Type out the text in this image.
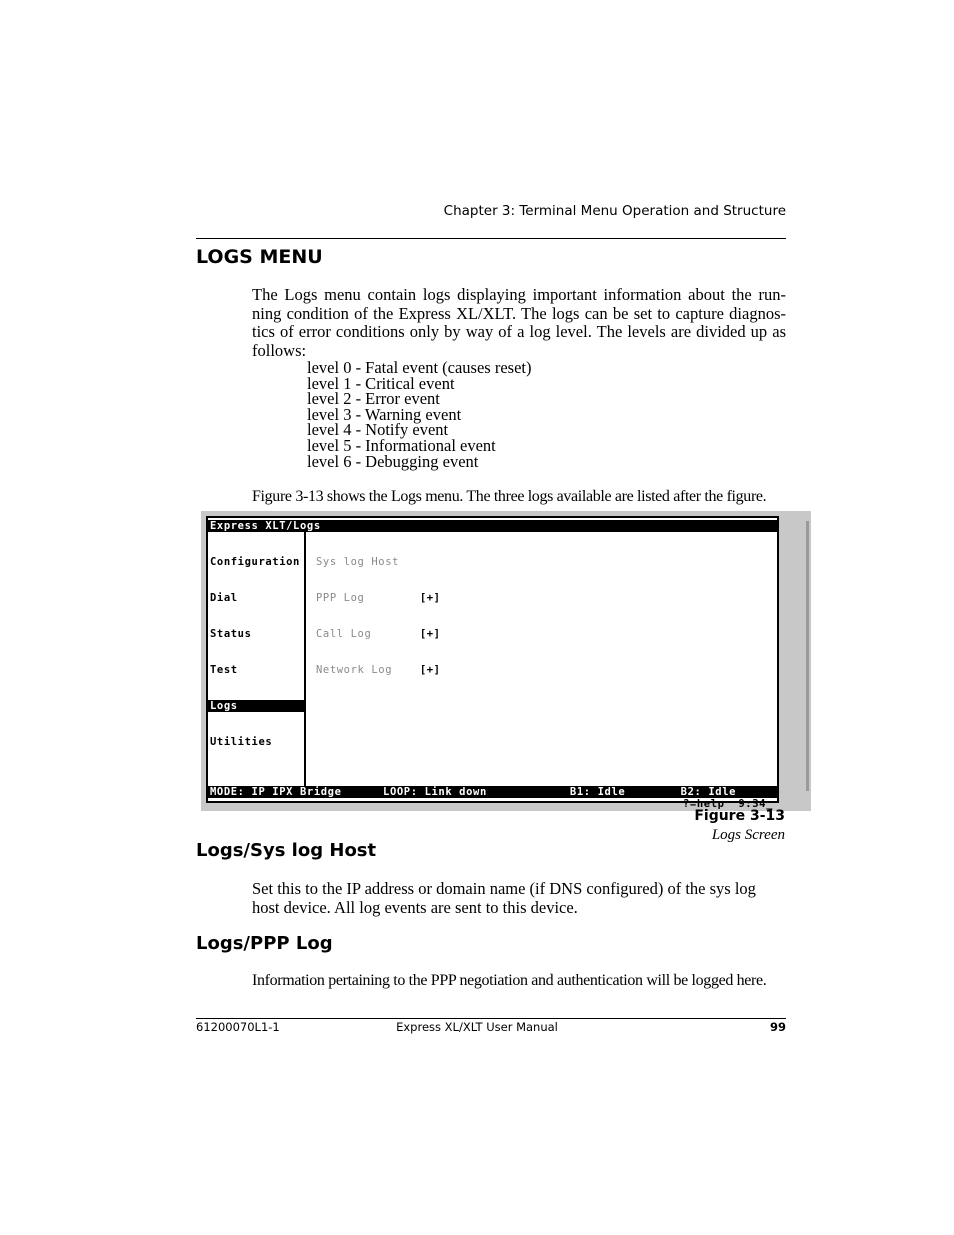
Chapter 3: Terminal Menu Operation and Structure
LOGS MENU
The Logs menu contain logs displaying important information about the run-ning condition of the Express XL/XLT. The logs can be set to capture diagnos-tics of error conditions only by way of a log level. The levels are divided up as follows:
level 0 - Fatal event (causes reset)
level 1 - Critical event
level 2 - Error event
level 3 - Warning event
level 4 - Notify event
level 5 - Informational event
level 6 - Debugging event
Figure 3-13 shows the Logs menu. The three logs available are listed after the figure.
Express XLT/Logs

Configuration

Dial

Status

Test

Logs

Utilities

Sys log Host

PPP Log        [+]

Call Log       [+]

Network Log    [+]

MODE: IP IPX Bridge      LOOP: Link down            B1: Idle        B2: Idle
?=help  9:34_
Figure 3-13
Logs Screen
Logs/Sys log Host
Set this to the IP address or domain name (if DNS configured) of the sys log host device. All log events are sent to this device.
Logs/PPP Log
Information pertaining to the PPP negotiation and authentication will be logged here.
61200070L1-1	Express XL/XLT User Manual	99
